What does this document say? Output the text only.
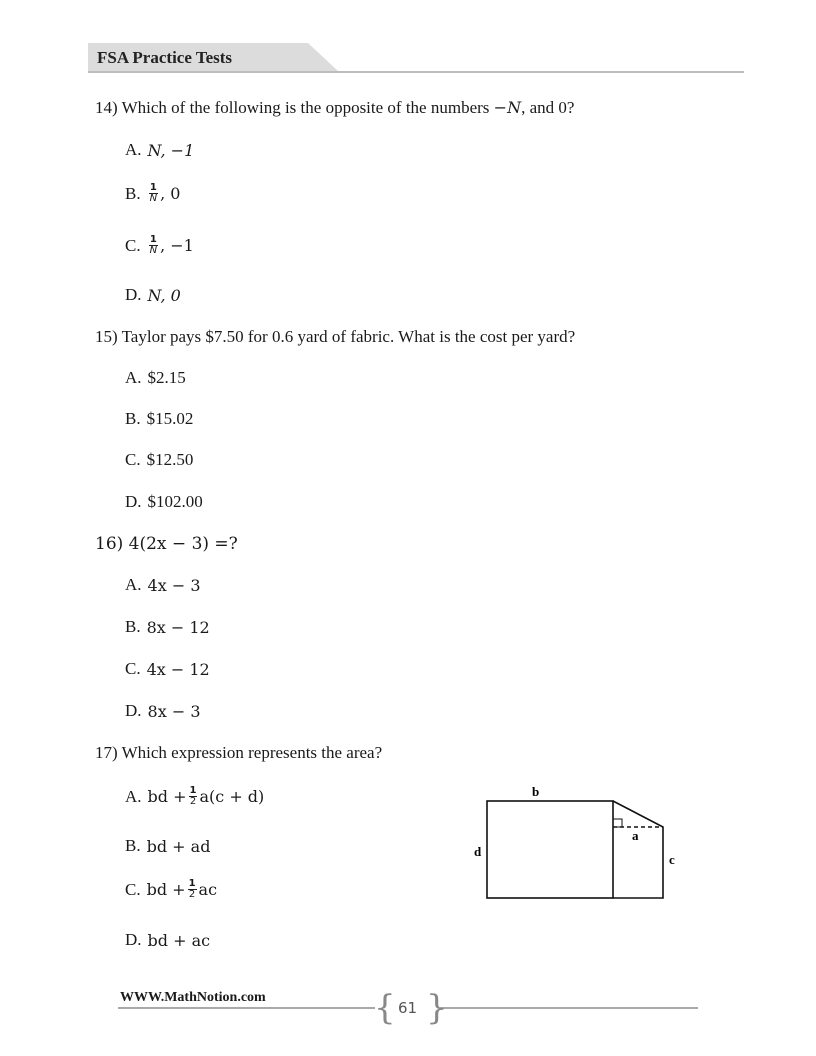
FSA Practice Tests
14) Which of the following is the opposite of the numbers −N, and 0?
A. N, −1
B. $\frac{1}{N}$ , 0
C. $\frac{1}{N}$ , −1
D. N, 0
15) Taylor pays $7.50 for 0.6 yard of fabric. What is the cost per yard?
A. $2.15
B. $15.02
C. $12.50
D. $102.00
16) 4(2x − 3) =?
A. 4x − 3
B. 8x − 12
C. 4x − 12
D. 8x − 3
17) Which expression represents the area?
A. bd + $\frac{1}{2} a(c + d)$
B. bd + ad
C. bd + $\frac{1}{2}$ ac
D. bd + ac
b
d
a
c
WWW.MathNotion.com	{ }
61
